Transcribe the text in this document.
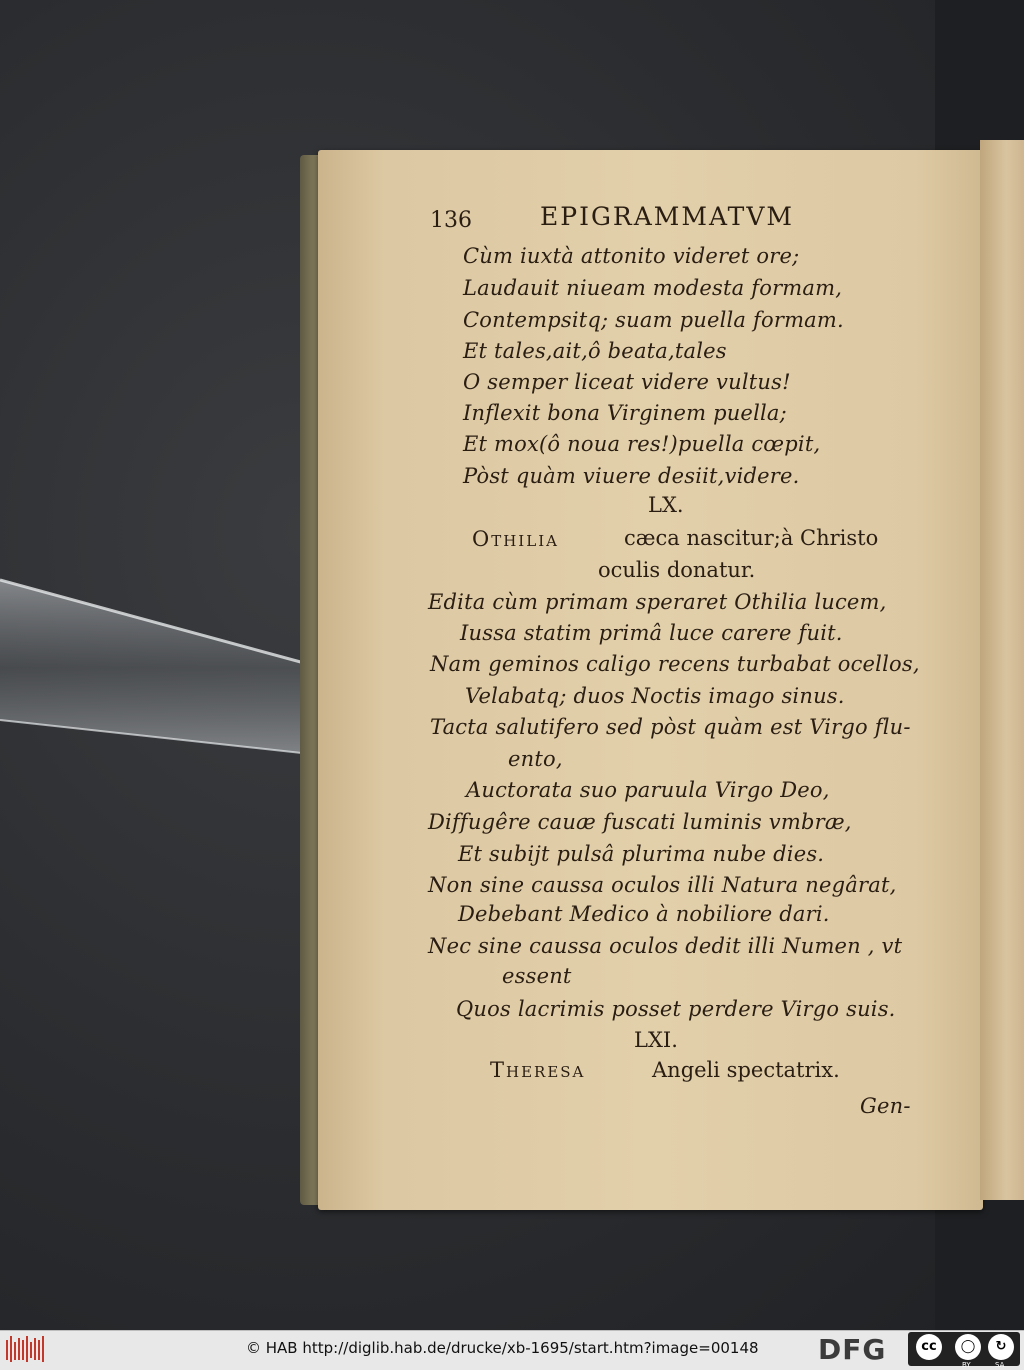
136	EPIGRAMMATVM
Cùm iuxtà attonito videret ore;
Laudauit niueam modesta formam,
Contempsitq; suam puella formam.
Et tales,ait,ô beata,tales
O semper liceat videre vultus!
Inflexit bona Virginem puella;
Et mox(ô noua res!)puella cœpit,
Pòst quàm viuere desiit,videre.
LX.
Othilia	cæca nascitur;à Christo
oculis donatur.
Edita cùm primam speraret Othilia lucem,
Iussa statim primâ luce carere fuit.
Nam geminos caligo recens turbabat ocellos,
Velabatq; duos Noctis imago sinus.
Tacta salutifero sed pòst quàm est Virgo flu-
ento,
Auctorata suo paruula Virgo Deo,
Diffugêre cauæ fuscati luminis vmbræ,
Et subijt pulsâ plurima nube dies.
Non sine caussa oculos illi Natura negârat,
Debebant Medico à nobiliore dari.
Nec sine caussa oculos dedit illi Numen , vt
essent
Quos lacrimis posset perdere Virgo suis.
LXI.
Theresa	Angeli spectatrix.
Gen-
© HAB http://diglib.hab.de/drucke/xb-1695/start.htm?image=00148 DFG	cc	◯	↻
BY	SA
